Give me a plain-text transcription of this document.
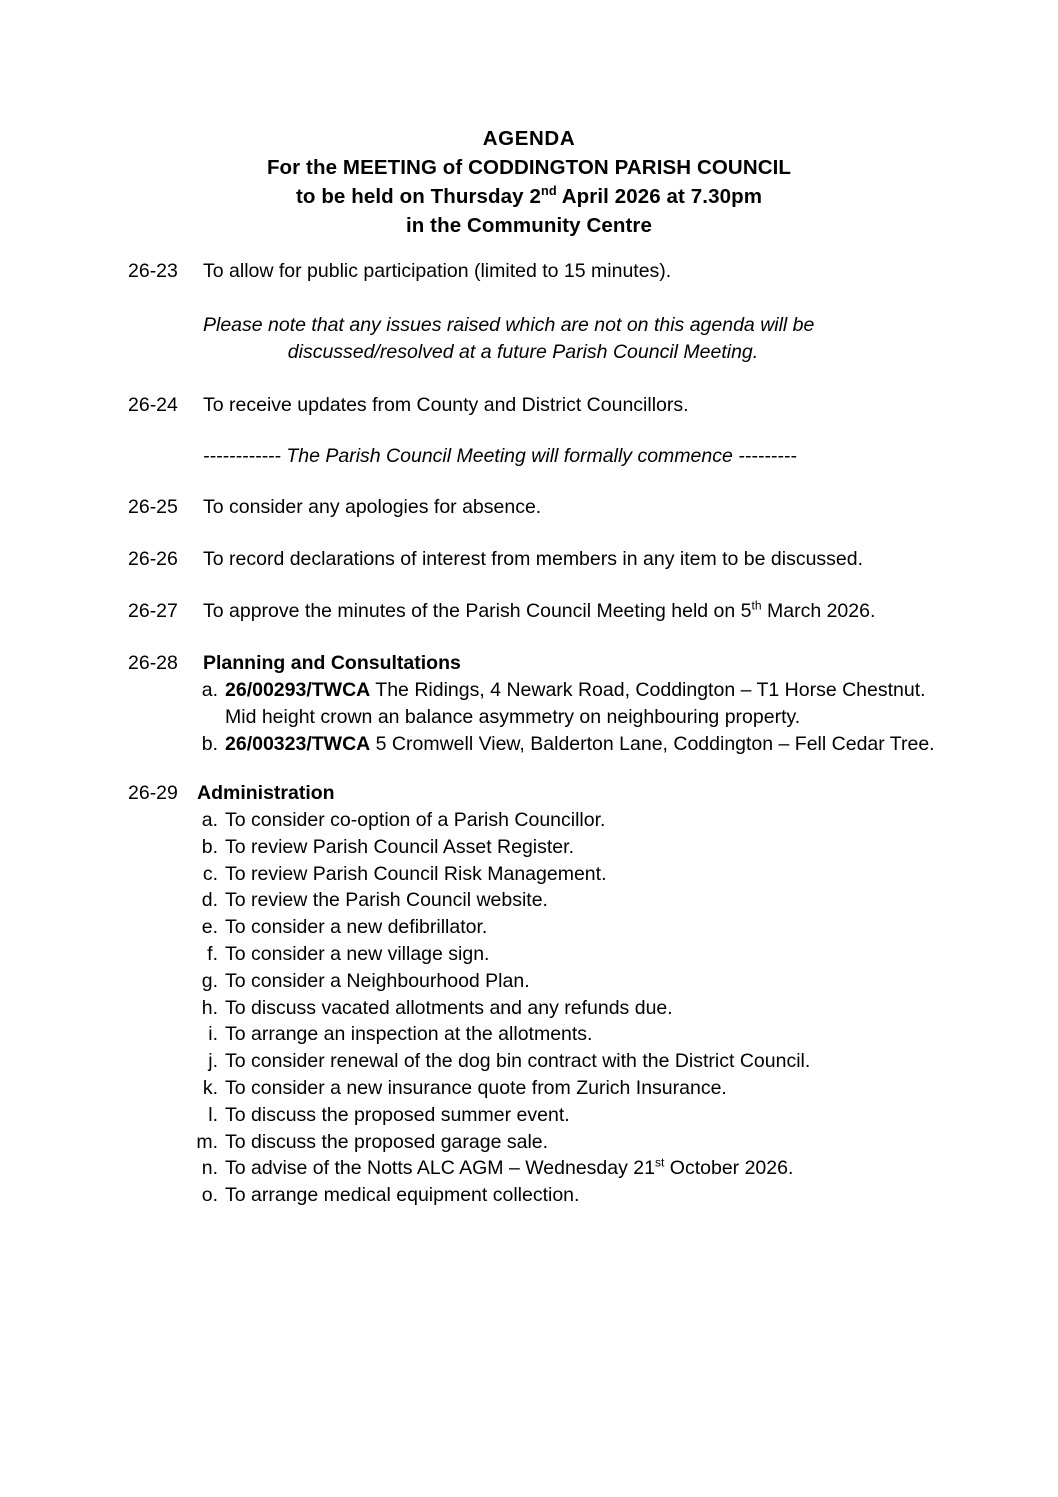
AGENDA
For the MEETING of CODDINGTON PARISH COUNCIL
to be held on Thursday 2nd April 2026 at 7.30pm
in the Community Centre
26-23	To allow for public participation (limited to 15 minutes).
Please note that any issues raised which are not on this agenda will be
discussed/resolved at a future Parish Council Meeting.
26-24	To receive updates from County and District Councillors.
------------ The Parish Council Meeting will formally commence ---------
26-25	To consider any apologies for absence.
26-26	To record declarations of interest from members in any item to be discussed.
26-27	To approve the minutes of the Parish Council Meeting held on 5th March 2026.
26-28	Planning and Consultations
a. 26/00293/TWCA The Ridings, 4 Newark Road, Coddington – T1 Horse Chestnut.
Mid height crown an balance asymmetry on neighbouring property.
b. 26/00323/TWCA 5 Cromwell View, Balderton Lane, Coddington – Fell Cedar Tree.
26-29 Administration
a. To consider co-option of a Parish Councillor.
b. To review Parish Council Asset Register.
c. To review Parish Council Risk Management.
d. To review the Parish Council website.
e. To consider a new defibrillator.
f. To consider a new village sign.
g. To consider a Neighbourhood Plan.
h. To discuss vacated allotments and any refunds due.
i. To arrange an inspection at the allotments.
j. To consider renewal of the dog bin contract with the District Council.
k. To consider a new insurance quote from Zurich Insurance.
l. To discuss the proposed summer event.
m. To discuss the proposed garage sale.
n. To advise of the Notts ALC AGM – Wednesday 21st October 2026.
o. To arrange medical equipment collection.
